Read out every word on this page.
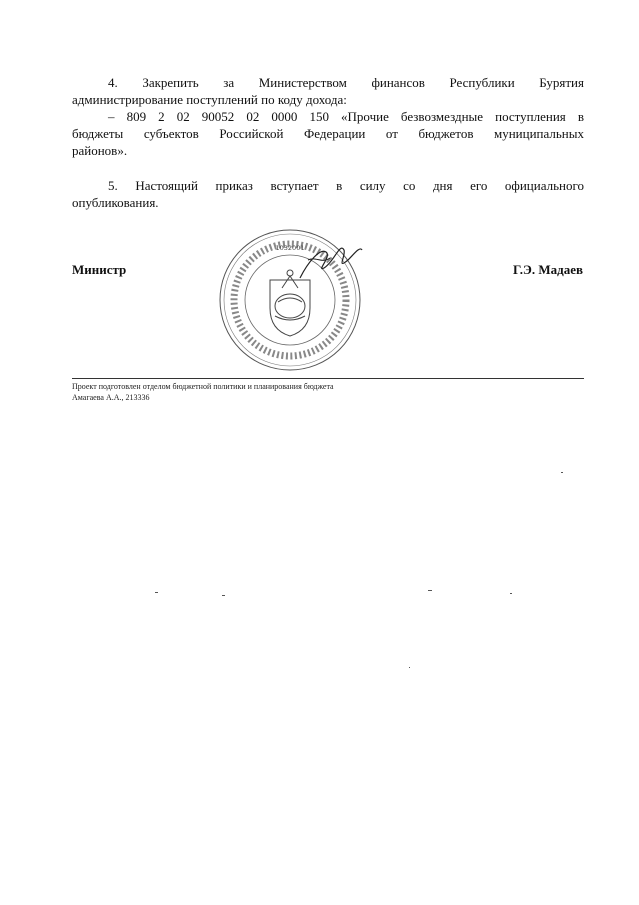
4. Закрепить за Министерством финансов Республики Бурятия
администрирование поступлений по коду дохода:
– 809 2 02 90052 02 0000 150 «Прочие безвозмездные поступления в
бюджеты субъектов Российской Федерации от бюджетов муниципальных
районов».
5. Настоящий приказ вступает в силу со дня его официального
опубликования.
1032001
Министр	Г.Э. Мадаев
Проект подготовлен отделом бюджетной политики и планирования бюджета
Амагаева А.А., 213336
